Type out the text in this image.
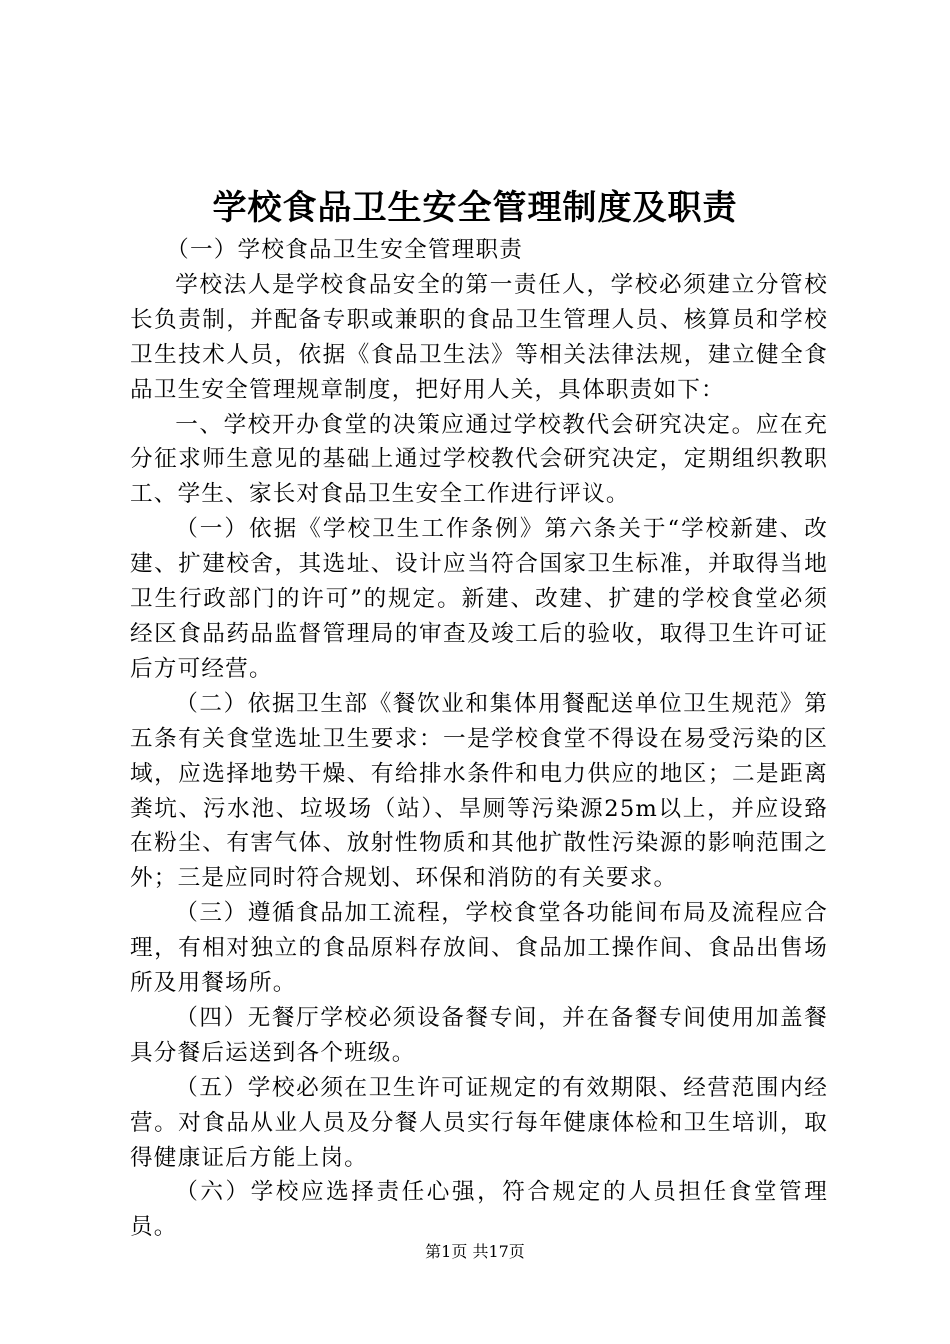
学校食品卫生安全管理制度及职责

（一）学校食品卫生安全管理职责

学校法人是学校食品安全的第一责任人，学校必须建立分管校长负责制，并配备专职或兼职的食品卫生管理人员、核算员和学校卫生技术人员，依据《食品卫生法》等相关法律法规，建立健全食品卫生安全管理规章制度，把好用人关，具体职责如下：

一、学校开办食堂的决策应通过学校教代会研究决定。应在充分征求师生意见的基础上通过学校教代会研究决定，定期组织教职工、学生、家长对食品卫生安全工作进行评议。

（一）依据《学校卫生工作条例》第六条关于“学校新建、改建、扩建校舍，其选址、设计应当符合国家卫生标准，并取得当地卫生行政部门的许可”的规定。新建、改建、扩建的学校食堂必须经区食品药品监督管理局的审查及竣工后的验收，取得卫生许可证后方可经营。

（二）依据卫生部《餐饮业和集体用餐配送单位卫生规范》第五条有关食堂选址卫生要求：一是学校食堂不得设在易受污染的区域，应选择地势干燥、有给排水条件和电力供应的地区；二是距离粪坑、污水池、垃圾场（站）、旱厕等污染源25m以上，并应设臵在粉尘、有害气体、放射性物质和其他扩散性污染源的影响范围之外；三是应同时符合规划、环保和消防的有关要求。

（三）遵循食品加工流程，学校食堂各功能间布局及流程应合理，有相对独立的食品原料存放间、食品加工操作间、食品出售场所及用餐场所。

（四）无餐厅学校必须设备餐专间，并在备餐专间使用加盖餐具分餐后运送到各个班级。

（五）学校必须在卫生许可证规定的有效期限、经营范围内经营。对食品从业人员及分餐人员实行每年健康体检和卫生培训，取得健康证后方能上岗。

（六）学校应选择责任心强，符合规定的人员担任食堂管理员。

第1页 共17页
